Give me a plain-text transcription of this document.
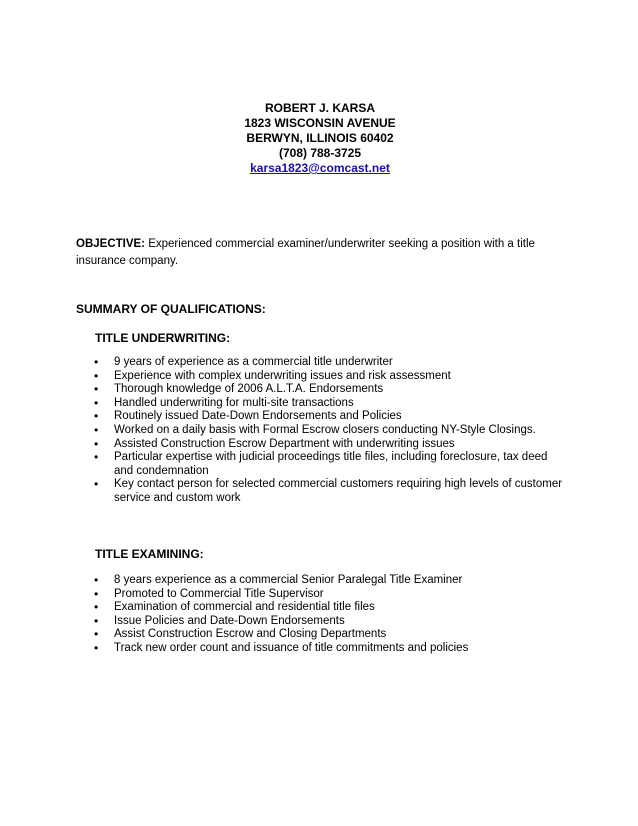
ROBERT J. KARSA
1823 WISCONSIN AVENUE
BERWYN, ILLINOIS 60402
(708) 788-3725
karsa1823@comcast.net
OBJECTIVE: Experienced commercial examiner/underwriter seeking a position with a title insurance company.
SUMMARY OF QUALIFICATIONS:
TITLE UNDERWRITING:
• 9 years of experience as a commercial title underwriter
• Experience with complex underwriting issues and risk assessment
• Thorough knowledge of 2006 A.L.T.A. Endorsements
• Handled underwriting for multi-site transactions
• Routinely issued Date-Down Endorsements and Policies
• Worked on a daily basis with Formal Escrow closers conducting NY-Style Closings.
• Assisted Construction Escrow Department with underwriting issues
• Particular expertise with judicial proceedings title files, including foreclosure, tax deed and condemnation
• Key contact person for selected commercial customers requiring high levels of customer service and custom work
TITLE EXAMINING:
• 8 years experience as a commercial Senior Paralegal Title Examiner
• Promoted to Commercial Title Supervisor
• Examination of commercial and residential title files
• Issue Policies and Date-Down Endorsements
• Assist Construction Escrow and Closing Departments
• Track new order count and issuance of title commitments and policies
